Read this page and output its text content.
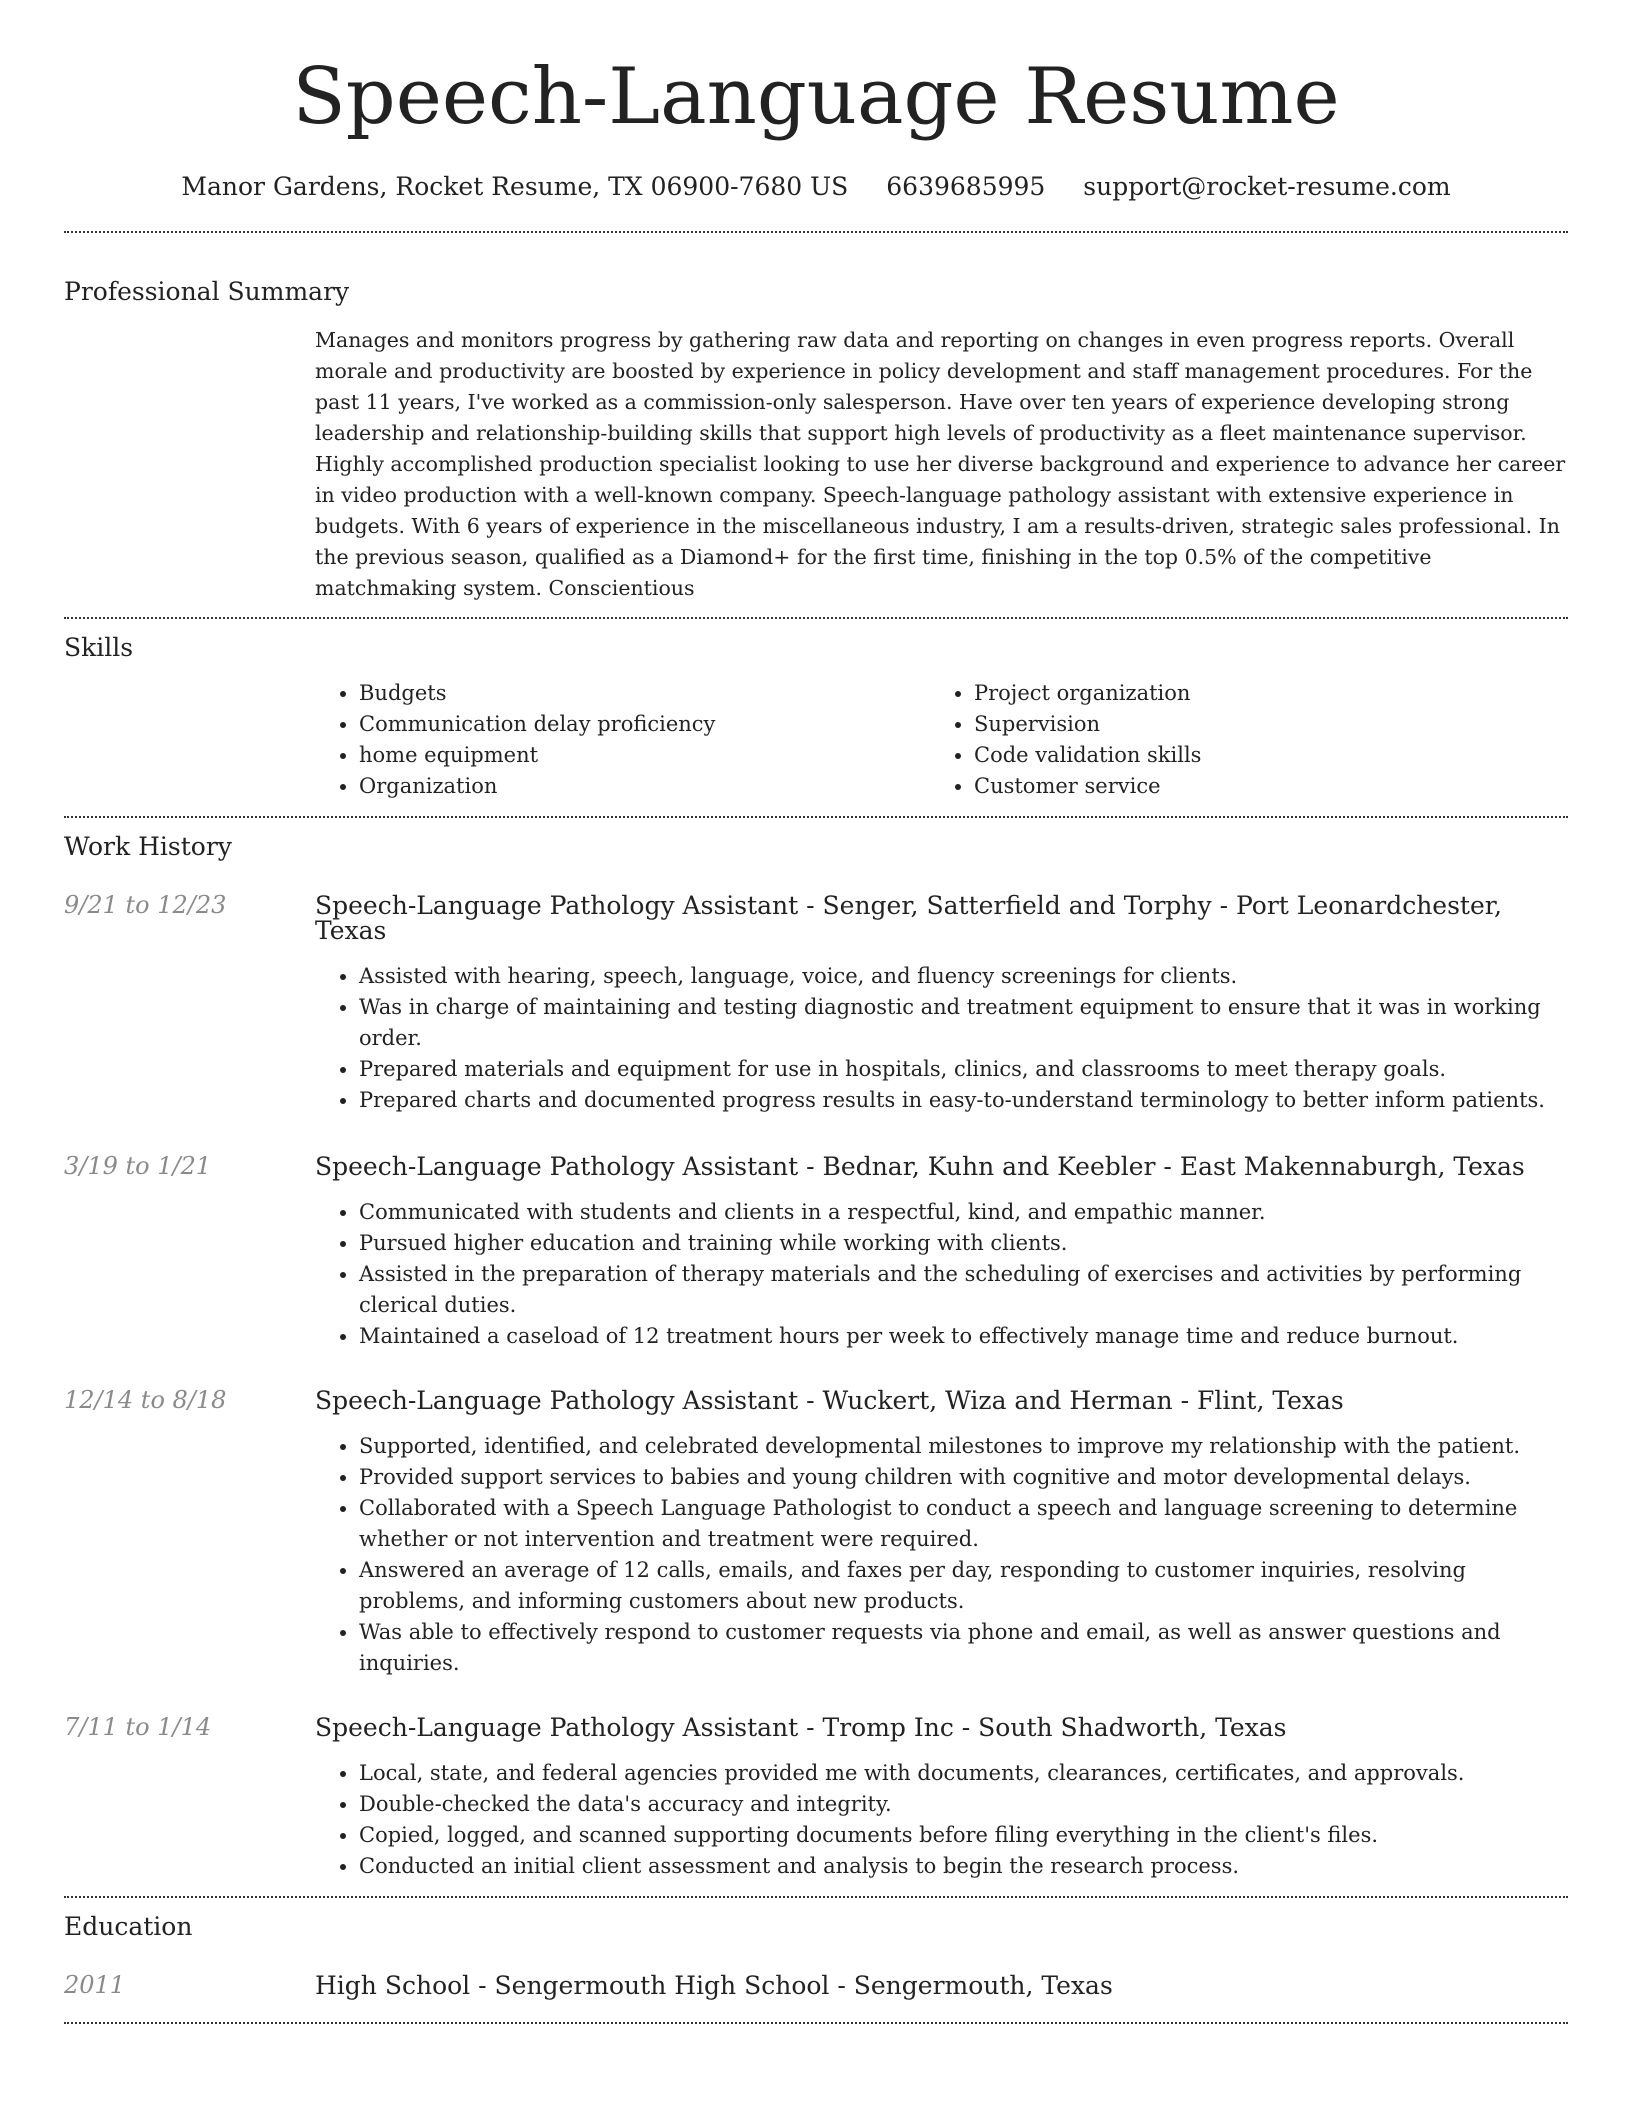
Speech-Language Resume
Manor Gardens, Rocket Resume, TX 06900-7680 US 6639685995 support@rocket-resume.com
Professional Summary

Manages and monitors progress by gathering raw data and reporting on changes in even progress reports. Overall morale and productivity are boosted by experience in policy development and staff management procedures. For the past 11 years, I've worked as a commission-only salesperson. Have over ten years of experience developing strong leadership and relationship-building skills that support high levels of productivity as a fleet maintenance supervisor. Highly accomplished production specialist looking to use her diverse background and experience to advance her career in video production with a well-known company. Speech-language pathology assistant with extensive experience in budgets. With 6 years of experience in the miscellaneous industry, I am a results-driven, strategic sales professional. In the previous season, qualified as a Diamond+ for the first time, finishing in the top 0.5% of the competitive matchmaking system. Conscientious

Skills
• Budgets
• Communication delay proficiency
• home equipment
• Organization
• Project organization
• Supervision
• Code validation skills
• Customer service
Work History
9/21 to 12/23	Speech-Language Pathology Assistant - Senger, Satterfield and Torphy - Port Leonardchester, Texas
• Assisted with hearing, speech, language, voice, and fluency screenings for clients.
• Was in charge of maintaining and testing diagnostic and treatment equipment to ensure that it was in working order.
• Prepared materials and equipment for use in hospitals, clinics, and classrooms to meet therapy goals.
• Prepared charts and documented progress results in easy-to-understand terminology to better inform patients.
3/19 to 1/21	Speech-Language Pathology Assistant - Bednar, Kuhn and Keebler - East Makennaburgh, Texas
• Communicated with students and clients in a respectful, kind, and empathic manner.
• Pursued higher education and training while working with clients.
• Assisted in the preparation of therapy materials and the scheduling of exercises and activities by performing clerical duties.
• Maintained a caseload of 12 treatment hours per week to effectively manage time and reduce burnout.
12/14 to 8/18	Speech-Language Pathology Assistant - Wuckert, Wiza and Herman - Flint, Texas
• Supported, identified, and celebrated developmental milestones to improve my relationship with the patient.
• Provided support services to babies and young children with cognitive and motor developmental delays.
• Collaborated with a Speech Language Pathologist to conduct a speech and language screening to determine whether or not intervention and treatment were required.
• Answered an average of 12 calls, emails, and faxes per day, responding to customer inquiries, resolving problems, and informing customers about new products.
• Was able to effectively respond to customer requests via phone and email, as well as answer questions and inquiries.
7/11 to 1/14	Speech-Language Pathology Assistant - Tromp Inc - South Shadworth, Texas
• Local, state, and federal agencies provided me with documents, clearances, certificates, and approvals.
• Double-checked the data's accuracy and integrity.
• Copied, logged, and scanned supporting documents before filing everything in the client's files.
• Conducted an initial client assessment and analysis to begin the research process.
Education
2011	High School - Sengermouth High School - Sengermouth, Texas
